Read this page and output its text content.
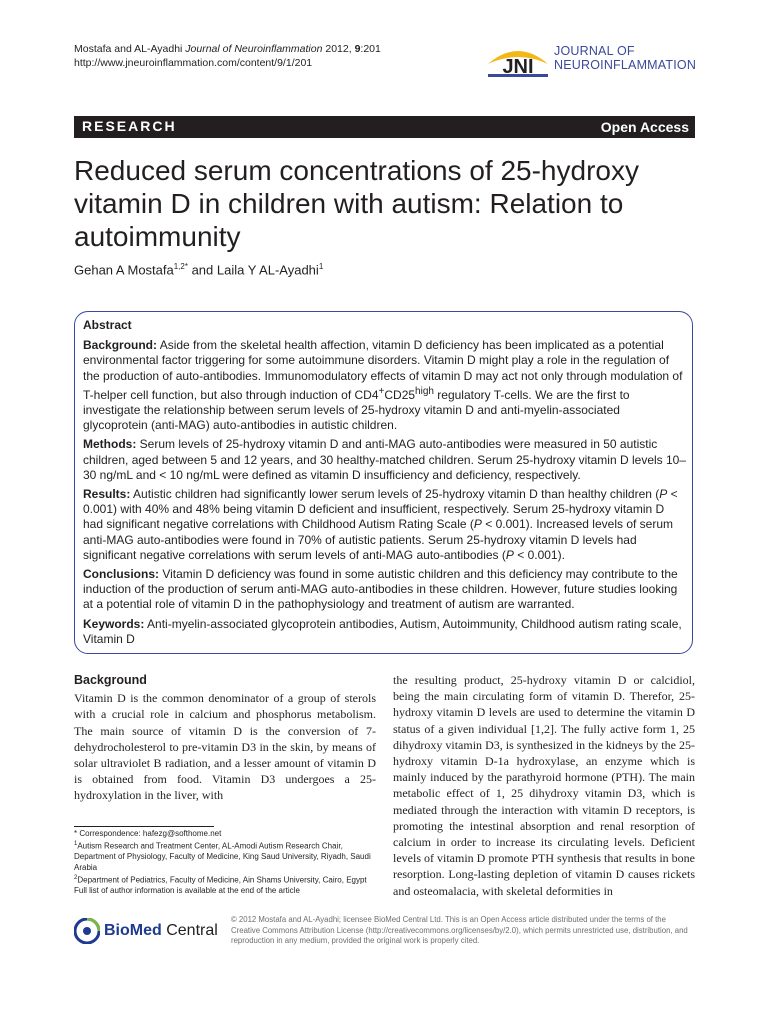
Mostafa and AL-Ayadhi Journal of Neuroinflammation 2012, 9:201
http://www.jneuroinflammation.com/content/9/1/201	JNI
JOURNAL OF
NEUROINFLAMMATION
RESEARCH	Open Access
Reduced serum concentrations of 25-hydroxy vitamin D in children with autism: Relation to autoimmunity
Gehan A Mostafa$^{1,2*}$ and Laila Y AL-Ayadhi$^1$
Abstract

Background: Aside from the skeletal health affection, vitamin D deficiency has been implicated as a potential environmental factor triggering for some autoimmune disorders. Vitamin D might play a role in the regulation of the production of auto-antibodies. Immunomodulatory effects of vitamin D may act not only through modulation of T-helper cell function, but also through induction of $CD4^+CD25^{high}$ regulatory T-cells. We are the first to investigate the relationship between serum levels of 25-hydroxy vitamin D and anti-myelin-associated glycoprotein (anti-MAG) auto-antibodies in autistic children.

Methods: Serum levels of 25-hydroxy vitamin D and anti-MAG auto-antibodies were measured in 50 autistic children, aged between 5 and 12 years, and 30 healthy-matched children. Serum 25-hydroxy vitamin D levels 10–30 ng/mL and < 10 ng/mL were defined as vitamin D insufficiency and deficiency, respectively.

Results: Autistic children had significantly lower serum levels of 25-hydroxy vitamin D than healthy children (P < 0.001) with 40% and 48% being vitamin D deficient and insufficient, respectively. Serum 25-hydroxy vitamin D had significant negative correlations with Childhood Autism Rating Scale (P < 0.001). Increased levels of serum anti-MAG auto-antibodies were found in 70% of autistic patients. Serum 25-hydroxy vitamin D levels had significant negative correlations with serum levels of anti-MAG auto-antibodies (P < 0.001).

Conclusions: Vitamin D deficiency was found in some autistic children and this deficiency may contribute to the induction of the production of serum anti-MAG auto-antibodies in these children. However, future studies looking at a potential role of vitamin D in the pathophysiology and treatment of autism are warranted.

Keywords: Anti-myelin-associated glycoprotein antibodies, Autism, Autoimmunity, Childhood autism rating scale, Vitamin D

Background

Vitamin D is the common denominator of a group of sterols with a crucial role in calcium and phosphorus metabolism. The main source of vitamin D is the conversion of 7-dehydrocholesterol to pre-vitamin D3 in the skin, by means of solar ultraviolet B radiation, and a lesser amount of vitamin D is obtained from food. Vitamin D3 undergoes a 25-hydroxylation in the liver, with

the resulting product, 25-hydroxy vitamin D or calcidiol, being the main circulating form of vitamin D. Therefor, 25-hydroxy vitamin D levels are used to determine the vitamin D status of a given individual [1,2]. The fully active form 1, 25 dihydroxy vitamin D3, is synthesized in the kidneys by the 25-hydroxy vitamin D-1a hydroxylase, an enzyme which is mainly induced by the parathyroid hormone (PTH). The main metabolic effect of 1, 25 dihydroxy vitamin D3, which is mediated through the interaction with vitamin D receptors, is promoting the intestinal absorption and renal resorption of calcium in order to increase its circulating levels. Deficient levels of vitamin D promote PTH synthesis that results in bone resorption. Long-lasting depletion of vitamin D causes rickets and osteomalacia, with skeletal deformities in

* Correspondence: hafezg@softhome.net

$^1$Autism Research and Treatment Center, AL-Amodi Autism Research Chair, Department of Physiology, Faculty of Medicine, King Saud University, Riyadh, Saudi Arabia

$^2$Department of Pediatrics, Faculty of Medicine, Ain Shams University, Cairo, Egypt

Full list of author information is available at the end of the article

BioMed Central
© 2012 Mostafa and AL-Ayadhi; licensee BioMed Central Ltd. This is an Open Access article distributed under the terms of the Creative Commons Attribution License (http://creativecommons.org/licenses/by/2.0), which permits unrestricted use, distribution, and reproduction in any medium, provided the original work is properly cited.
